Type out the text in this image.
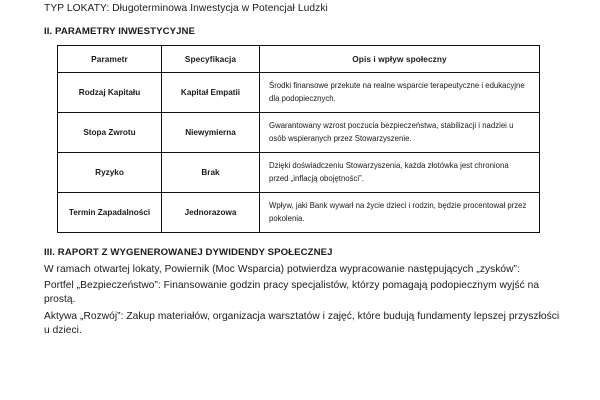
TYP LOKATY: Długoterminowa Inwestycja w Potencjał Ludzki
II. PARAMETRY INWESTYCYJNE
Parametr	Specyfikacja	Opis i wpływ społeczny
Rodzaj Kapitału	Kapitał Empatii	Środki finansowe przekute na realne wsparcie terapeutyczne i edukacyjne dla podopiecznych.
Stopa Zwrotu	Niewymierna	Gwarantowany wzrost poczucia bezpieczeństwa, stabilizacji i nadziei u osób wspieranych przez Stowarzyszenie.
Ryzyko	Brak	Dzięki doświadczeniu Stowarzyszenia, każda złotówka jest chroniona przed „inflacją obojętności”.
Termin Zapadalności	Jednorazowa	Wpływ, jaki Bank wywarł na życie dzieci i rodzin, będzie procentował przez pokolenia.
III. RAPORT Z WYGENEROWANEJ DYWIDENDY SPOŁECZNEJ

W ramach otwartej lokaty, Powiernik (Moc Wsparcia) potwierdza wypracowanie następujących „zysków”:

Portfel „Bezpieczeństwo”: Finansowanie godzin pracy specjalistów, którzy pomagają podopiecznym wyjść na prostą.

Aktywa „Rozwój”: Zakup materiałów, organizacja warsztatów i zajęć, które budują fundamenty lepszej przyszłości u dzieci.
